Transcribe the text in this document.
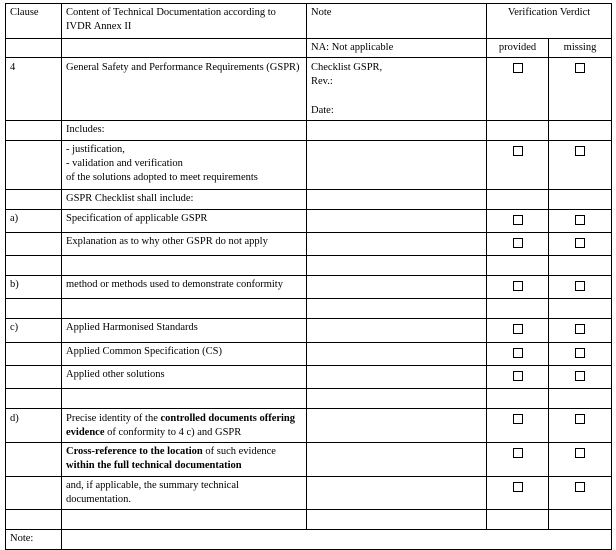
Clause	Content of Technical Documentation according to IVDR Annex II	Note	Verification Verdict	
		NA: Not applicable	provided	missing
4	General Safety and Performance Requirements (GSPR)	Checklist GSPR,
Rev.:

Date:		

	Includes:			

	- justification,
- validation and verification
of the solutions adopted to meet requirements			

	GSPR Checklist shall include:			
a)	Specification of applicable GSPR			
	Explanation as to why other GSPR do not apply			

b)	method or methods used to demonstrate conformity			

c)	Applied Harmonised Standards			
	Applied Common Specification (CS)			
	Applied other solutions			

d)	Precise identity of the controlled documents offering evidence of conformity to 4 c) and GSPR			
	Cross-reference to the location of such evidence within the full technical documentation			
	and, if applicable, the summary technical documentation.			

Note:				
